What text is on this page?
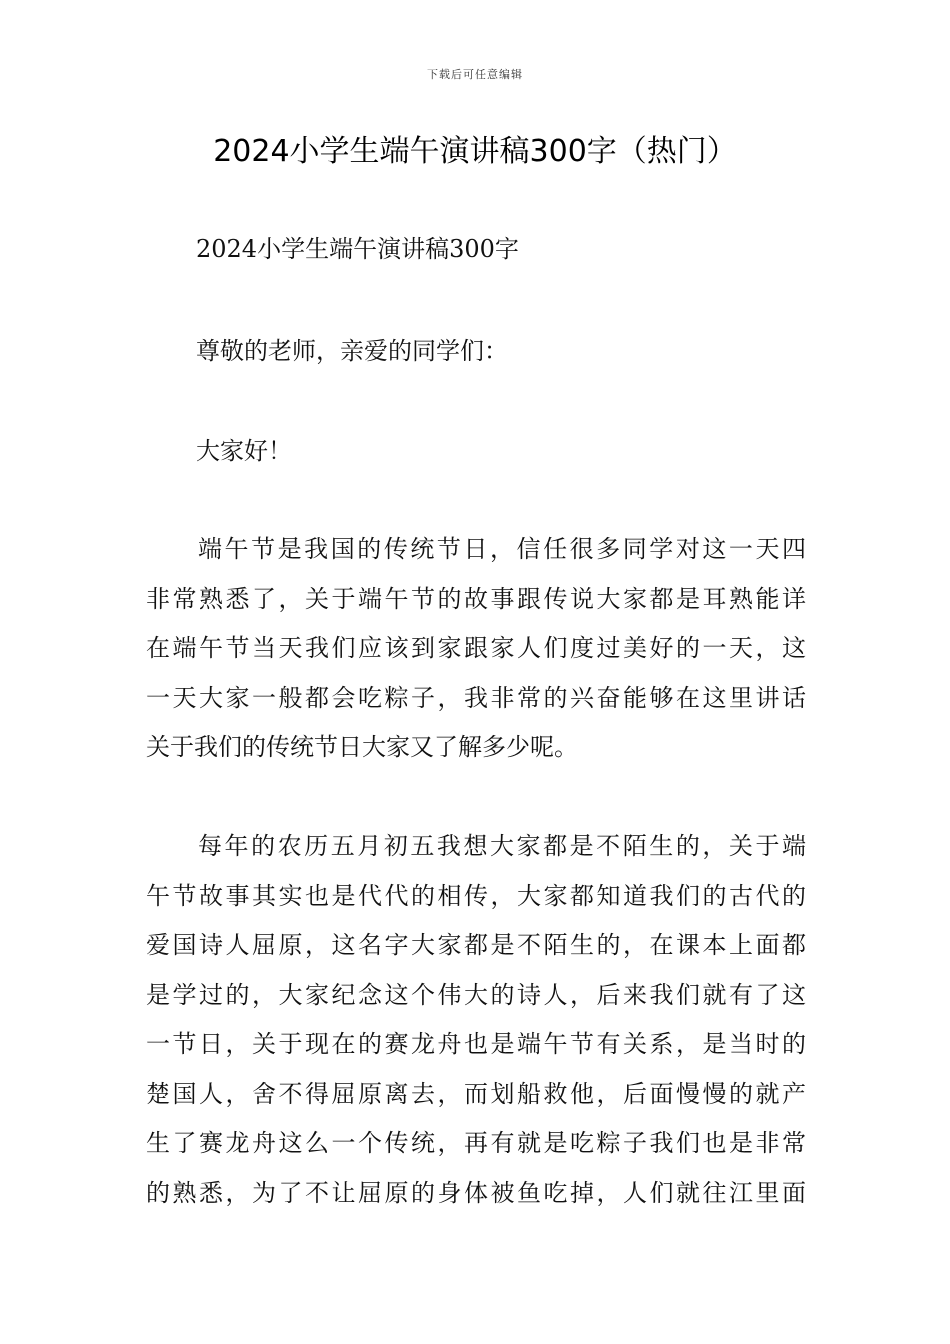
下载后可任意编辑
2024小学生端午演讲稿300字（热门）

2024小学生端午演讲稿300字

尊敬的老师，亲爱的同学们：

大家好！

端午节是我国的传统节日，信任很多同学对这一天四
非常熟悉了，关于端午节的故事跟传说大家都是耳熟能详
在端午节当天我们应该到家跟家人们度过美好的一天，这
一天大家一般都会吃粽子，我非常的兴奋能够在这里讲话
关于我们的传统节日大家又了解多少呢。
每年的农历五月初五我想大家都是不陌生的，关于端
午节故事其实也是代代的相传，大家都知道我们的古代的
爱国诗人屈原，这名字大家都是不陌生的，在课本上面都
是学过的，大家纪念这个伟大的诗人，后来我们就有了这
一节日，关于现在的赛龙舟也是端午节有关系，是当时的
楚国人，舍不得屈原离去，而划船救他，后面慢慢的就产
生了赛龙舟这么一个传统，再有就是吃粽子我们也是非常
的熟悉，为了不让屈原的身体被鱼吃掉，人们就往江里面
